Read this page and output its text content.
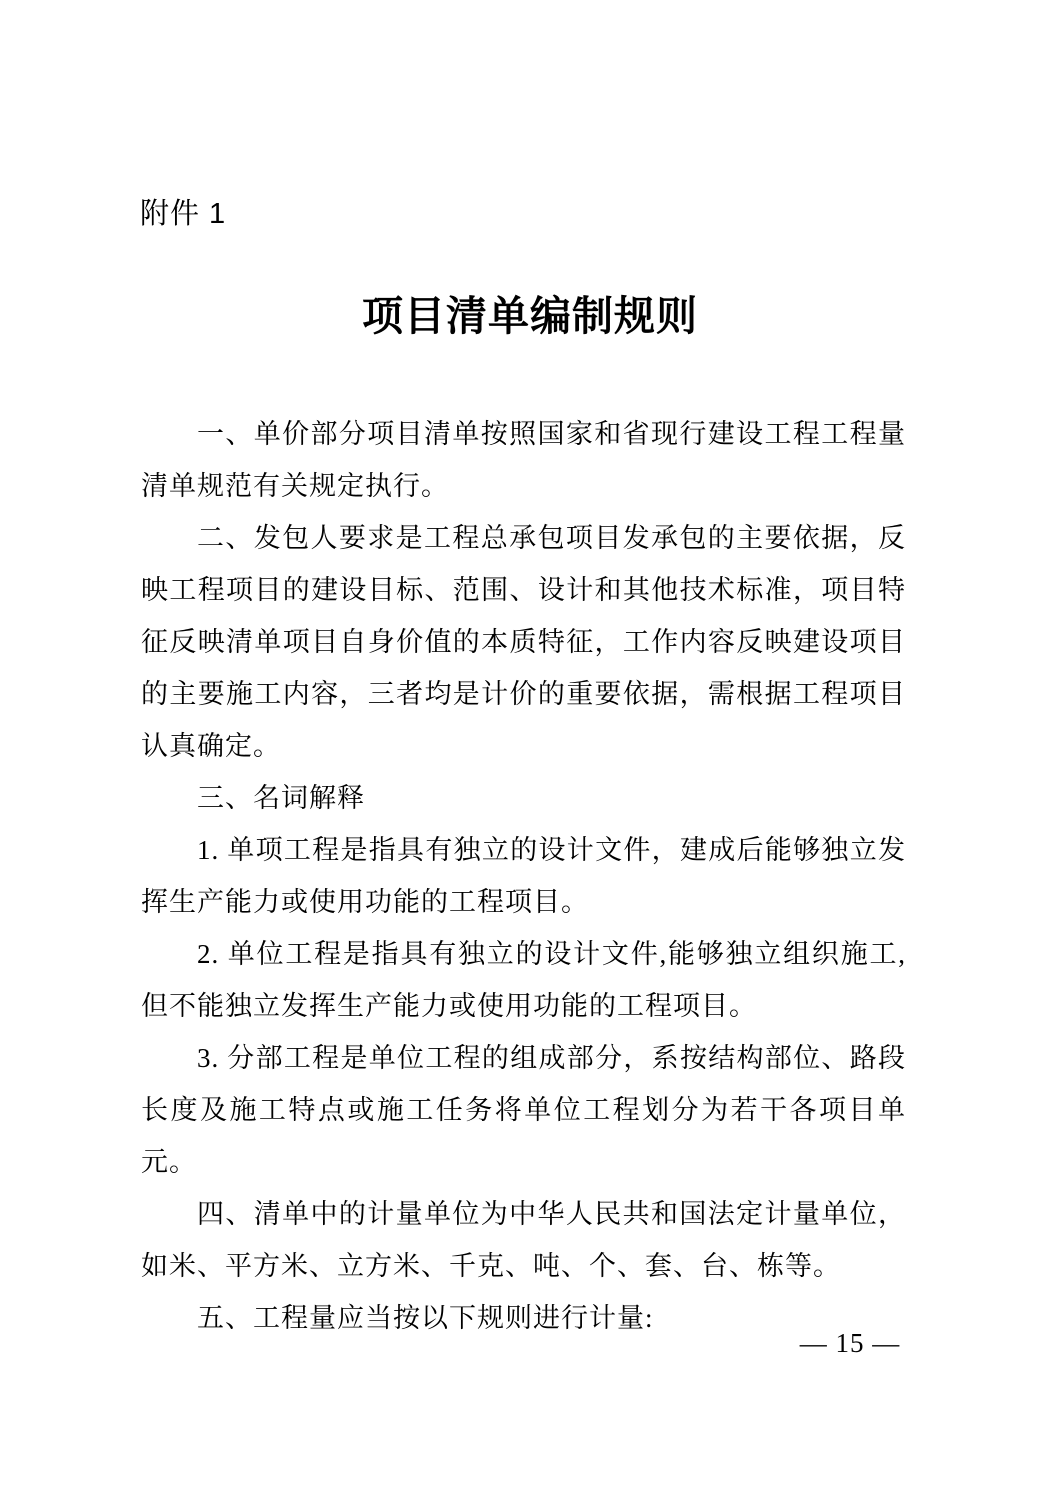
附件 1
项目清单编制规则
一、单价部分项目清单按照国家和省现行建设工程工程量
清单规范有关规定执行。
二、发包人要求是工程总承包项目发承包的主要依据，反
映工程项目的建设目标、范围、设计和其他技术标准，项目特
征反映清单项目自身价值的本质特征，工作内容反映建设项目
的主要施工内容，三者均是计价的重要依据，需根据工程项目
认真确定。
三、名词解释
1. 单项工程是指具有独立的设计文件，建成后能够独立发
挥生产能力或使用功能的工程项目。
2. 单位工程是指具有独立的设计文件,能够独立组织施工,
但不能独立发挥生产能力或使用功能的工程项目。
3. 分部工程是单位工程的组成部分，系按结构部位、路段
长度及施工特点或施工任务将单位工程划分为若干各项目单
元。
四、清单中的计量单位为中华人民共和国法定计量单位，
如米、平方米、立方米、千克、吨、个、套、台、栋等。
五、工程量应当按以下规则进行计量:
— 15 —
